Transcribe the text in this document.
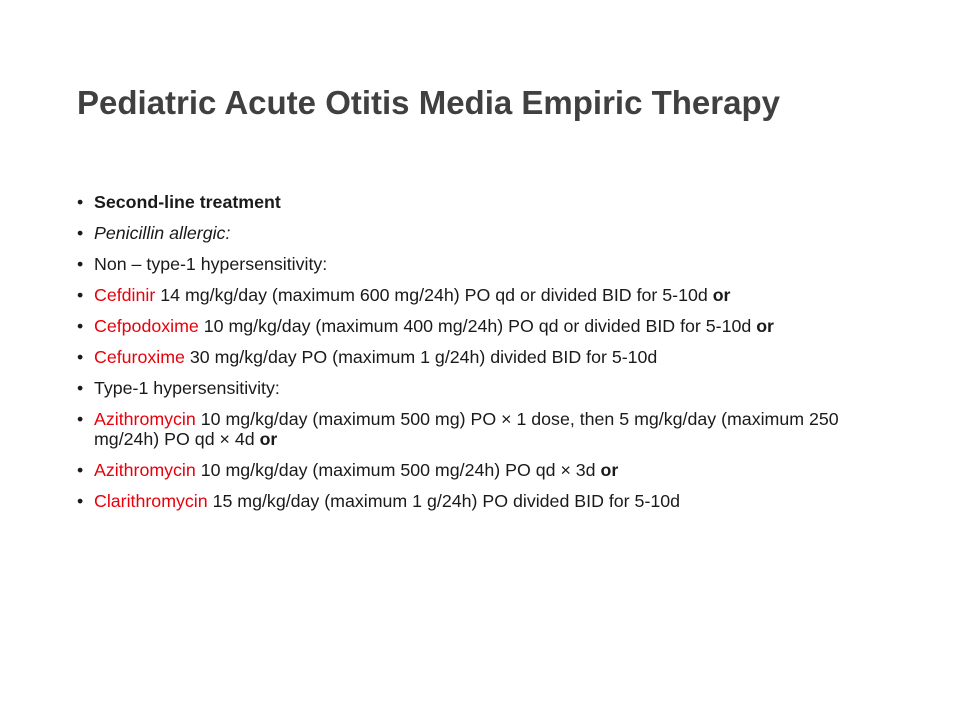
Pediatric Acute Otitis Media Empiric Therapy
• Second-line treatment
• Penicillin allergic:
• Non – type-1 hypersensitivity:
• Cefdinir 14 mg/kg/day (maximum 600 mg/24h) PO qd or divided BID for 5-10d or
• Cefpodoxime 10 mg/kg/day (maximum 400 mg/24h) PO qd or divided BID for 5-10d or
• Cefuroxime 30 mg/kg/day PO (maximum 1 g/24h) divided BID for 5-10d
• Type-1 hypersensitivity:
• Azithromycin 10 mg/kg/day (maximum 500 mg) PO × 1 dose, then 5 mg/kg/day (maximum 250 mg/24h) PO qd × 4d or
• Azithromycin 10 mg/kg/day (maximum 500 mg/24h) PO qd × 3d or
• Clarithromycin 15 mg/kg/day (maximum 1 g/24h) PO divided BID for 5-10d
